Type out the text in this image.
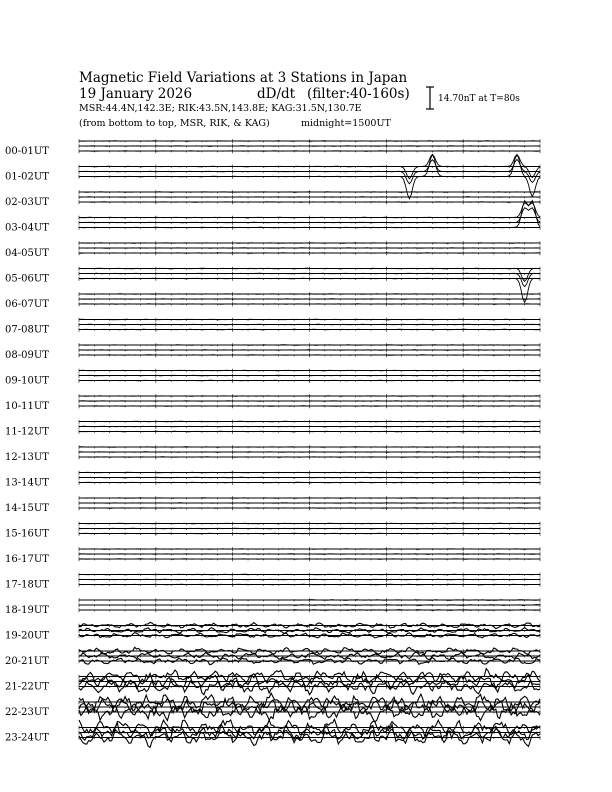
Magnetic Field Variations at 3 Stations in Japan
19 January 2026	dD/dt (filter:40-160s)
MSR:44.4N,142.3E; RIK:43.5N,143.8E; KAG:31.5N,130.7E
(from bottom to top, MSR, RIK, & KAG)	midnight=1500UT
14.70nT at T=80s
00-01UT
01-02UT
02-03UT
03-04UT
04-05UT
05-06UT
06-07UT
07-08UT
08-09UT
09-10UT
10-11UT
11-12UT
12-13UT
13-14UT
14-15UT
15-16UT
16-17UT
17-18UT
18-19UT
19-20UT
20-21UT
21-22UT
22-23UT
23-24UT
